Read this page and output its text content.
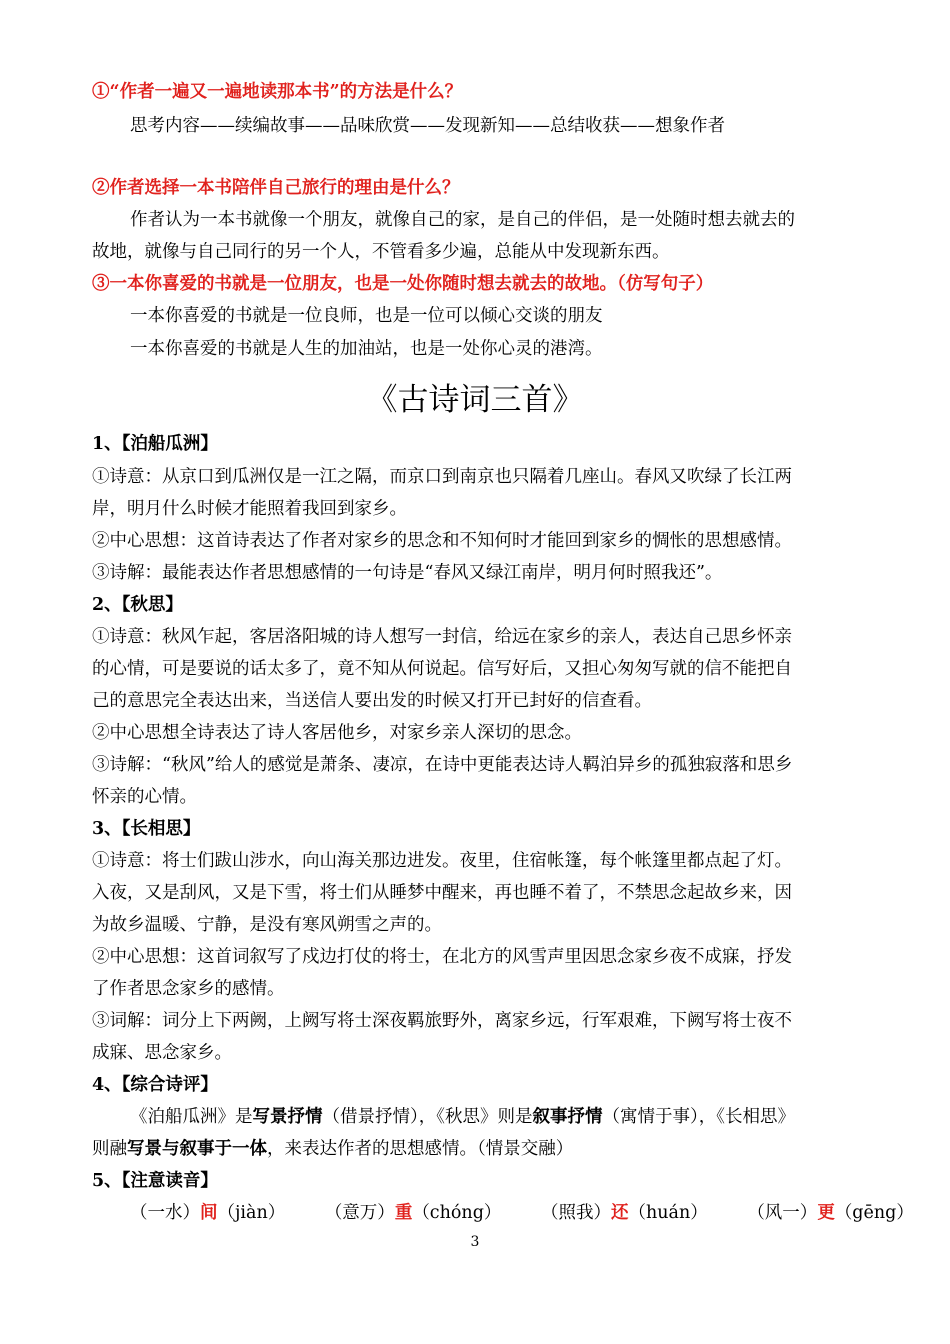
①“作者一遍又一遍地读那本书”的方法是什么？
思考内容——续编故事——品味欣赏——发现新知——总结收获——想象作者
②作者选择一本书陪伴自己旅行的理由是什么？
作者认为一本书就像一个朋友，就像自己的家，是自己的伴侣，是一处随时想去就去的
故地，就像与自己同行的另一个人，不管看多少遍，总能从中发现新东西。
③一本你喜爱的书就是一位朋友，也是一处你随时想去就去的故地。（仿写句子）
一本你喜爱的书就是一位良师，也是一位可以倾心交谈的朋友
一本你喜爱的书就是人生的加油站，也是一处你心灵的港湾。
《古诗词三首》
1、【泊船瓜洲】
①诗意：从京口到瓜洲仅是一江之隔，而京口到南京也只隔着几座山。春风又吹绿了长江两
岸，明月什么时候才能照着我回到家乡。
②中心思想：这首诗表达了作者对家乡的思念和不知何时才能回到家乡的惆怅的思想感情。
③诗解：最能表达作者思想感情的一句诗是“春风又绿江南岸，明月何时照我还”。
2、【秋思】
①诗意：秋风乍起，客居洛阳城的诗人想写一封信，给远在家乡的亲人，表达自己思乡怀亲
的心情，可是要说的话太多了，竟不知从何说起。信写好后，又担心匆匆写就的信不能把自
己的意思完全表达出来，当送信人要出发的时候又打开已封好的信查看。
②中心思想全诗表达了诗人客居他乡，对家乡亲人深切的思念。
③诗解：“秋风”给人的感觉是萧条、凄凉，在诗中更能表达诗人羁泊异乡的孤独寂落和思乡
怀亲的心情。
3、【长相思】
①诗意：将士们跋山涉水，向山海关那边进发。夜里，住宿帐篷，每个帐篷里都点起了灯。
入夜，又是刮风，又是下雪，将士们从睡梦中醒来，再也睡不着了，不禁思念起故乡来，因
为故乡温暖、宁静，是没有寒风朔雪之声的。
②中心思想：这首词叙写了戍边打仗的将士，在北方的风雪声里因思念家乡夜不成寐，抒发
了作者思念家乡的感情。
③词解：词分上下两阙，上阙写将士深夜羁旅野外，离家乡远，行军艰难，下阙写将士夜不
成寐、思念家乡。
4、【综合诗评】
《泊船瓜洲》是写景抒情（借景抒情），《秋思》则是叙事抒情（寓情于事），《长相思》
则融写景与叙事于一体，来表达作者的思想感情。（情景交融）
5、【注意读音】
（一水）间（jiàn） （意万）重（chóng） （照我）还（huán） （风一）更（gēng）
3
